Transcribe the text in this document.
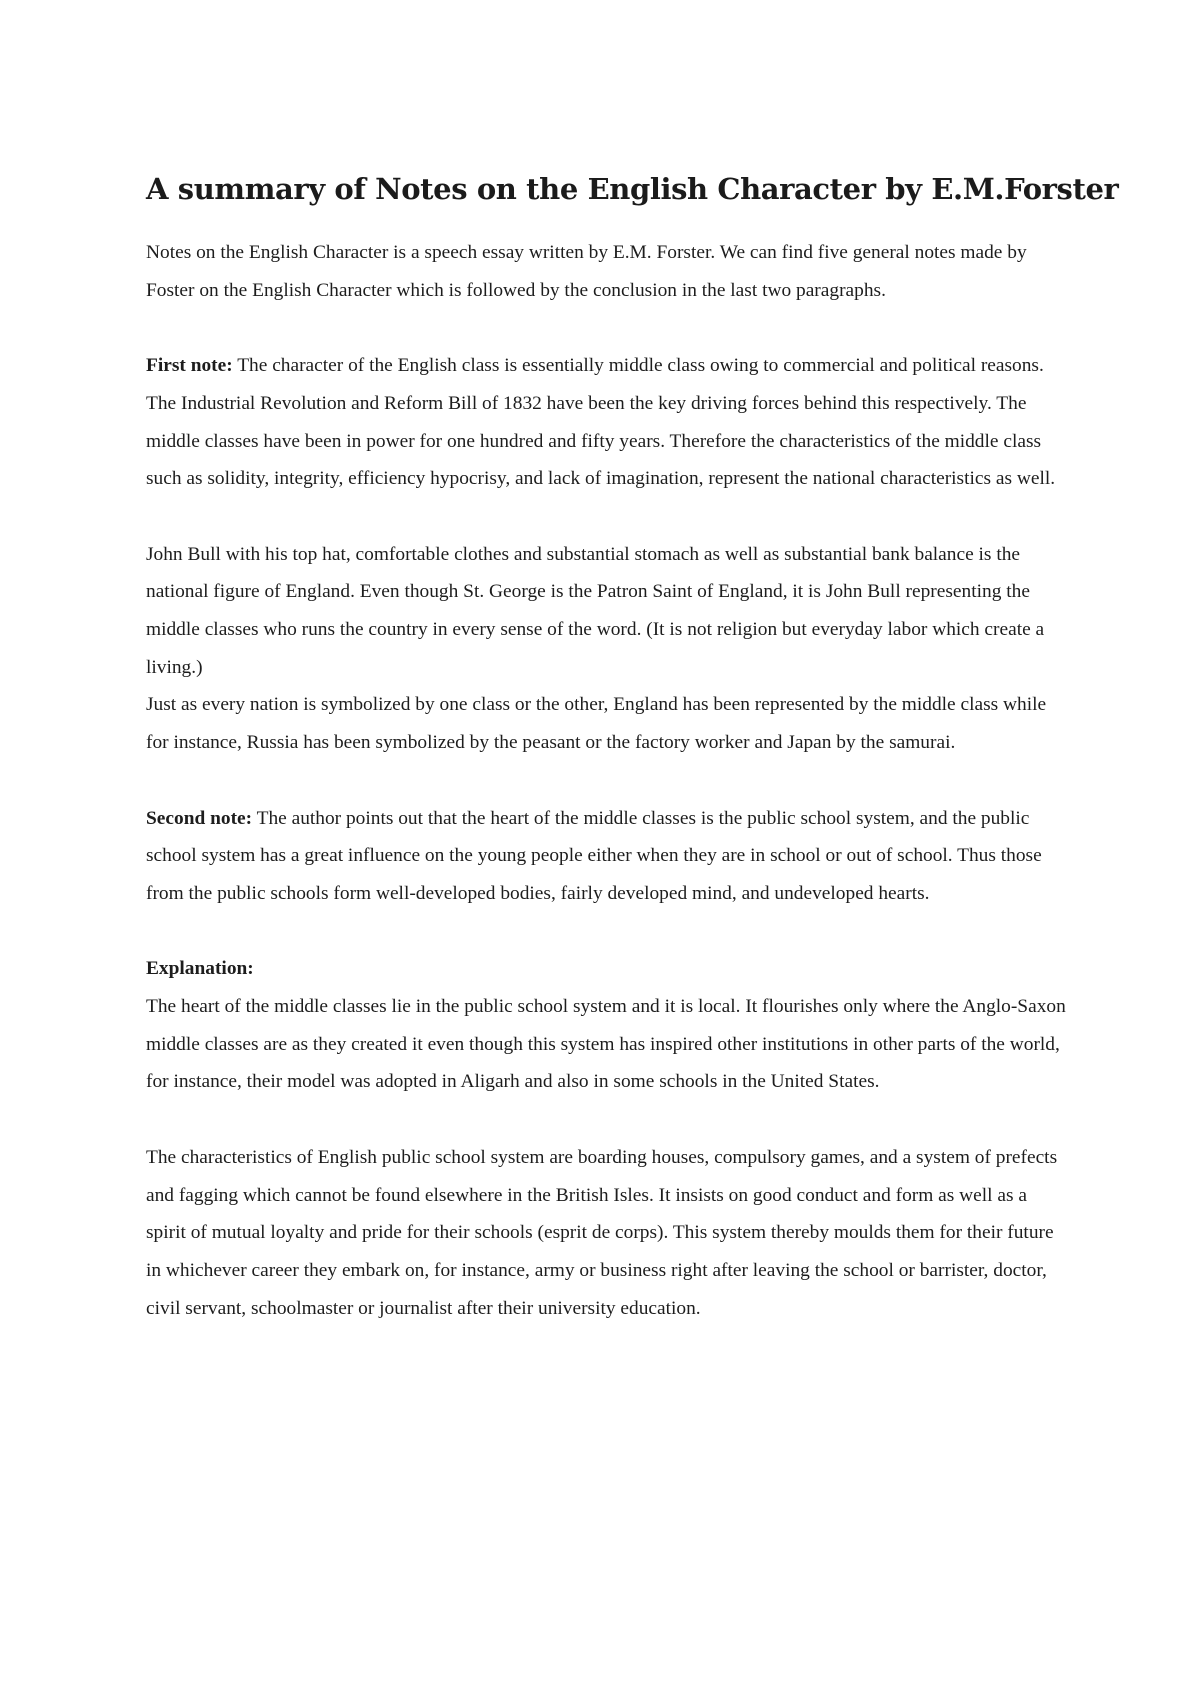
A summary of Notes on the English Character by E.M.Forster

Notes on the English Character is a speech essay written by E.M. Forster. We can find five general notes made by Foster on the English Character which is followed by the conclusion in the last two paragraphs.

First note: The character of the English class is essentially middle class owing to commercial and political reasons. The Industrial Revolution and Reform Bill of 1832 have been the key driving forces behind this respectively. The middle classes have been in power for one hundred and fifty years. Therefore the characteristics of the middle class such as solidity, integrity, efficiency hypocrisy, and lack of imagination, represent the national characteristics as well.

John Bull with his top hat, comfortable clothes and substantial stomach as well as substantial bank balance is the national figure of England. Even though St. George is the Patron Saint of England, it is John Bull representing the middle classes who runs the country in every sense of the word. (It is not religion but everyday labor which create a living.)

Just as every nation is symbolized by one class or the other, England has been represented by the middle class while for instance, Russia has been symbolized by the peasant or the factory worker and Japan by the samurai.

Second note: The author points out that the heart of the middle classes is the public school system, and the public school system has a great influence on the young people either when they are in school or out of school. Thus those from the public schools form well-developed bodies, fairly developed mind, and undeveloped hearts.

Explanation:

The heart of the middle classes lie in the public school system and it is local. It flourishes only where the Anglo-Saxon middle classes are as they created it even though this system has inspired other institutions in other parts of the world, for instance, their model was adopted in Aligarh and also in some schools in the United States.

The characteristics of English public school system are boarding houses, compulsory games, and a system of prefects and fagging which cannot be found elsewhere in the British Isles. It insists on good conduct and form as well as a spirit of mutual loyalty and pride for their schools (esprit de corps). This system thereby moulds them for their future in whichever career they embark on, for instance, army or business right after leaving the school or barrister, doctor, civil servant, schoolmaster or journalist after their university education.
